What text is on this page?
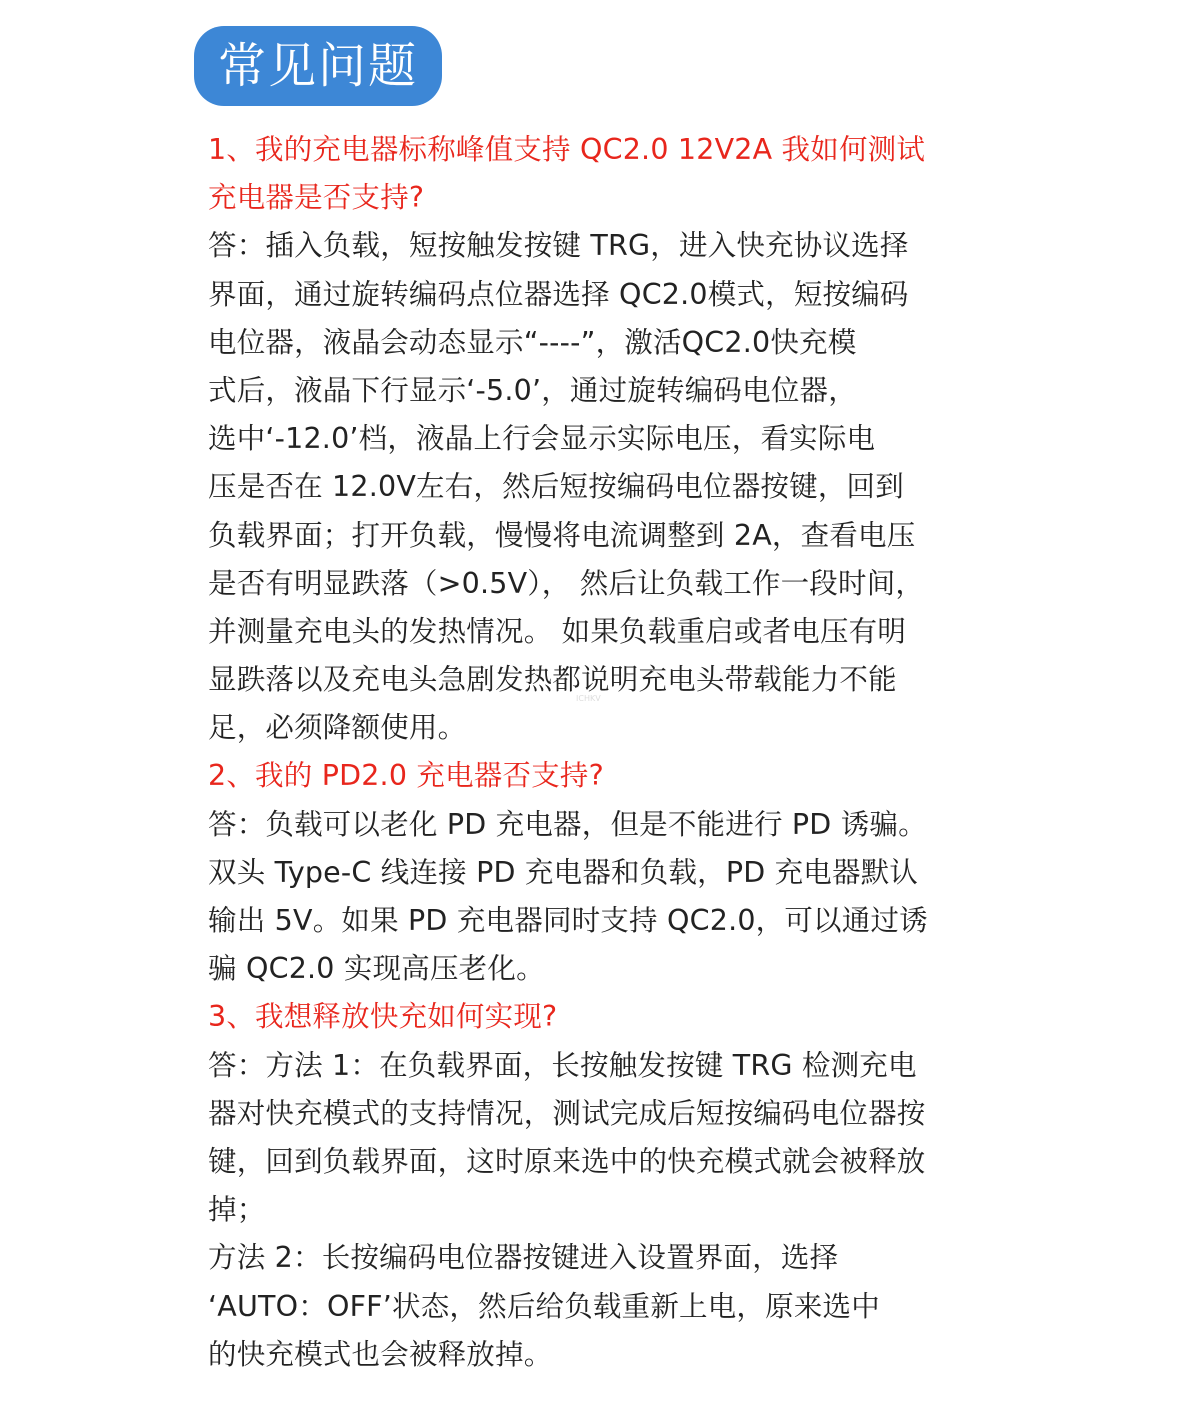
常见问题
1、我的充电器标称峰值支持 QC2.0 12V2A 我如何测试
充电器是否支持?
答：插入负载，短按触发按键 TRG，进入快充协议选择
界面，通过旋转编码点位器选择 QC2.0模式，短按编码
电位器，液晶会动态显示“----”，激活QC2.0快充模
式后，液晶下行显示‘-5.0’，通过旋转编码电位器，
选中‘-12.0’档，液晶上行会显示实际电压，看实际电
压是否在 12.0V左右，然后短按编码电位器按键，回到
负载界面；打开负载，慢慢将电流调整到 2A，查看电压
是否有明显跌落（>0.5V）， 然后让负载工作一段时间，
并测量充电头的发热情况。 如果负载重启或者电压有明
显跌落以及充电头急剧发热都说明充电头带载能力不能
足，必须降额使用。
2、我的 PD2.0 充电器否支持?
答：负载可以老化 PD 充电器，但是不能进行 PD 诱骗。
双头 Type-C 线连接 PD 充电器和负载，PD 充电器默认
输出 5V。如果 PD 充电器同时支持 QC2.0，可以通过诱
骗 QC2.0 实现高压老化。
3、我想释放快充如何实现?
答：方法 1：在负载界面，长按触发按键 TRG 检测充电
器对快充模式的支持情况，测试完成后短按编码电位器按
键，回到负载界面，这时原来选中的快充模式就会被释放
掉；
方法 2：长按编码电位器按键进入设置界面，选择
‘AUTO：OFF’状态，然后给负载重新上电，原来选中
的快充模式也会被释放掉。
ICHKV
